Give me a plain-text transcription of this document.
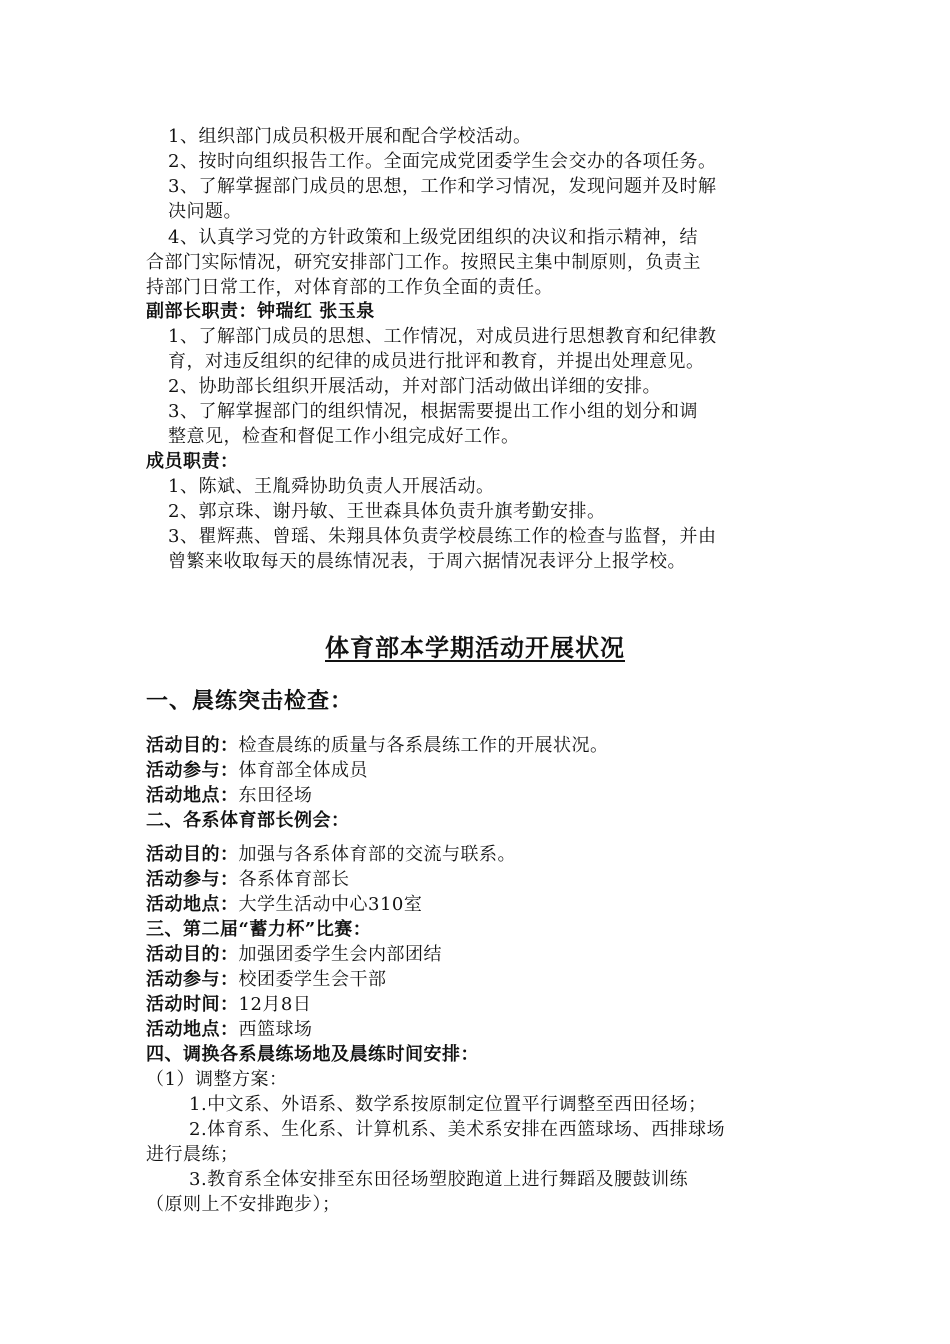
1、组织部门成员积极开展和配合学校活动。
2、按时向组织报告工作。全面完成党团委学生会交办的各项任务。
3、了解掌握部门成员的思想，工作和学习情况，发现问题并及时解
决问题。
4、认真学习党的方针政策和上级党团组织的决议和指示精神，结
合部门实际情况，研究安排部门工作。按照民主集中制原则，负责主
持部门日常工作，对体育部的工作负全面的责任。
副部长职责：钟瑞红 张玉泉
1、了解部门成员的思想、工作情况，对成员进行思想教育和纪律教
育，对违反组织的纪律的成员进行批评和教育，并提出处理意见。
2、协助部长组织开展活动，并对部门活动做出详细的安排。
3、了解掌握部门的组织情况，根据需要提出工作小组的划分和调
整意见，检查和督促工作小组完成好工作。
成员职责：
1、陈斌、王胤舜协助负责人开展活动。
2、郭京珠、谢丹敏、王世森具体负责升旗考勤安排。
3、瞿辉燕、曾瑶、朱翔具体负责学校晨练工作的检查与监督，并由
曾繁来收取每天的晨练情况表，于周六据情况表评分上报学校。
体育部本学期活动开展状况
一、晨练突击检查：
活动目的：检查晨练的质量与各系晨练工作的开展状况。
活动参与：体育部全体成员
活动地点：东田径场
二、各系体育部长例会：
活动目的：加强与各系体育部的交流与联系。
活动参与：各系体育部长
活动地点：大学生活动中心310室
三、第二届“蓄力杯”比赛：
活动目的：加强团委学生会内部团结
活动参与：校团委学生会干部
活动时间：12月8日
活动地点：西篮球场
四、调换各系晨练场地及晨练时间安排：
（1）调整方案：
1.中文系、外语系、数学系按原制定位置平行调整至西田径场；
2.体育系、生化系、计算机系、美术系安排在西篮球场、西排球场
进行晨练；
3.教育系全体安排至东田径场塑胶跑道上进行舞蹈及腰鼓训练
（原则上不安排跑步）；
